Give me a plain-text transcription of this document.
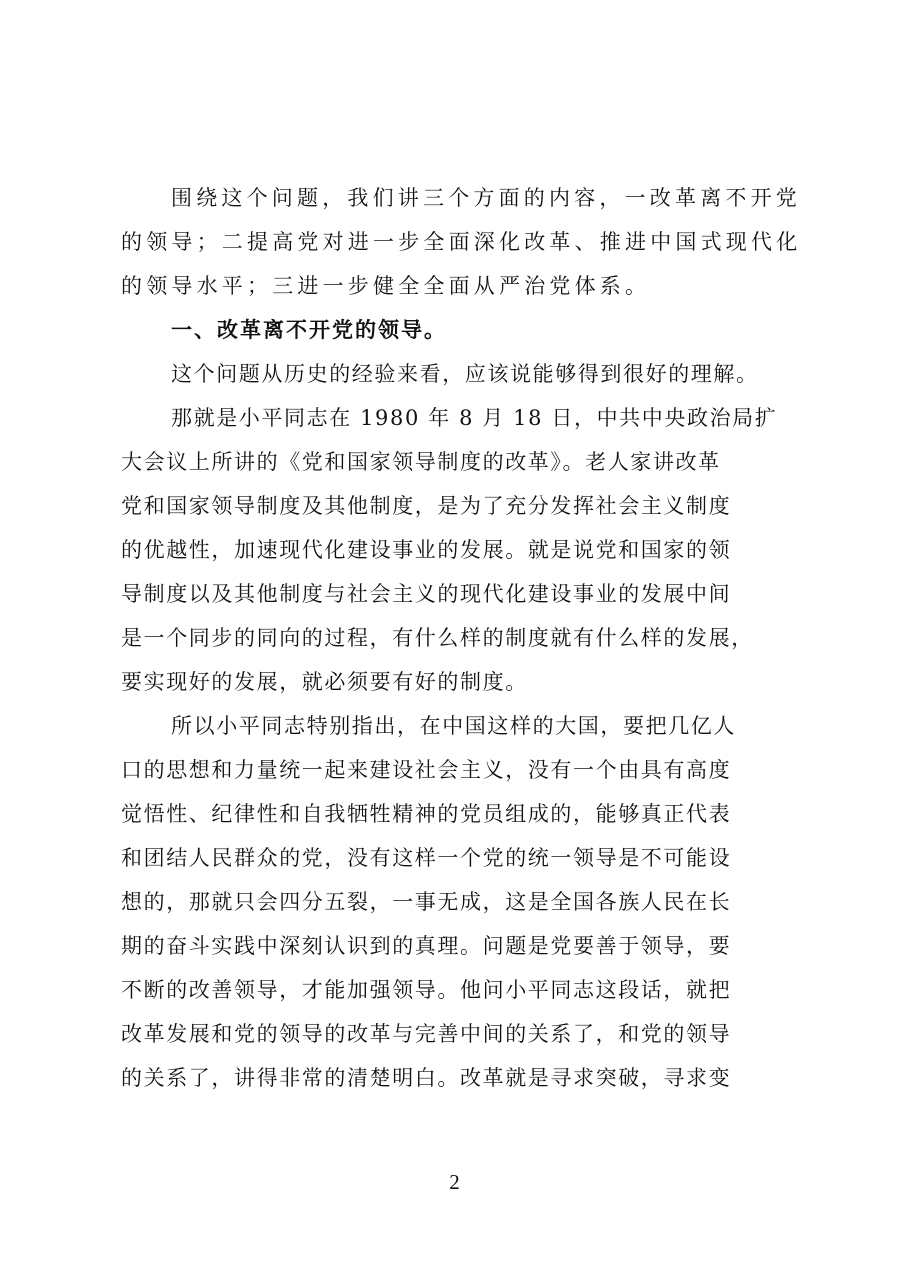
围绕这个问题，我们讲三个方面的内容，一改革离不开党
的领导；二提高党对进一步全面深化改革、推进中国式现代化
的领导水平；三进一步健全全面从严治党体系。
一、改革离不开党的领导。
这个问题从历史的经验来看，应该说能够得到很好的理解。
那就是小平同志在 1980 年 8 月 18 日，中共中央政治局扩
大会议上所讲的《党和国家领导制度的改革》。老人家讲改革
党和国家领导制度及其他制度，是为了充分发挥社会主义制度
的优越性，加速现代化建设事业的发展。就是说党和国家的领
导制度以及其他制度与社会主义的现代化建设事业的发展中间
是一个同步的同向的过程，有什么样的制度就有什么样的发展，
要实现好的发展，就必须要有好的制度。
所以小平同志特别指出，在中国这样的大国，要把几亿人
口的思想和力量统一起来建设社会主义，没有一个由具有高度
觉悟性、纪律性和自我牺牲精神的党员组成的，能够真正代表
和团结人民群众的党，没有这样一个党的统一领导是不可能设
想的，那就只会四分五裂，一事无成，这是全国各族人民在长
期的奋斗实践中深刻认识到的真理。问题是党要善于领导，要
不断的改善领导，才能加强领导。他问小平同志这段话，就把
改革发展和党的领导的改革与完善中间的关系了，和党的领导
的关系了，讲得非常的清楚明白。改革就是寻求突破，寻求变
2
